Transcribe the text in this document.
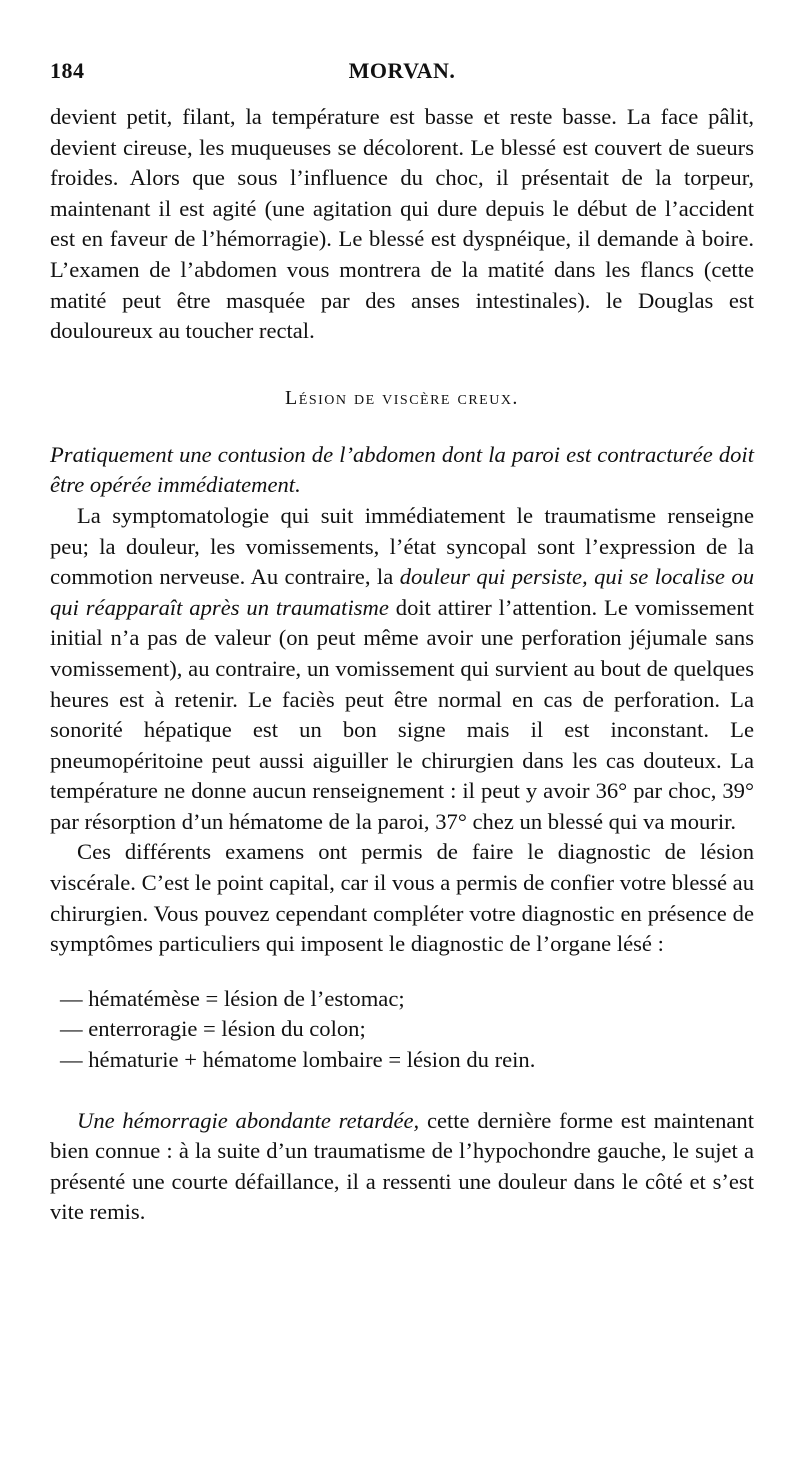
184	MORVAN.

devient petit, filant, la température est basse et reste basse. La face pâlit, devient cireuse, les muqueuses se décolorent. Le blessé est couvert de sueurs froides. Alors que sous l’influence du choc, il présentait de la torpeur, maintenant il est agité (une agitation qui dure depuis le début de l’accident est en faveur de l’hémorragie). Le blessé est dyspnéique, il demande à boire. L’examen de l’abdomen vous montrera de la matité dans les flancs (cette matité peut être masquée par des anses intestinales). le Douglas est douloureux au toucher rectal.

Lésion de viscère creux.

Pratiquement une contusion de l’abdomen dont la paroi est contracturée doit être opérée immédiatement.

La symptomatologie qui suit immédiatement le traumatisme renseigne peu; la douleur, les vomissements, l’état syncopal sont l’expression de la commotion nerveuse. Au contraire, la douleur qui persiste, qui se localise ou qui réapparaît après un traumatisme doit attirer l’attention. Le vomissement initial n’a pas de valeur (on peut même avoir une perforation jéjumale sans vomissement), au contraire, un vomissement qui survient au bout de quelques heures est à retenir. Le faciès peut être normal en cas de perforation. La sonorité hépatique est un bon signe mais il est inconstant. Le pneumopéritoine peut aussi aiguiller le chirurgien dans les cas douteux. La température ne donne aucun renseignement : il peut y avoir 36° par choc, 39° par résorption d’un hématome de la paroi, 37° chez un blessé qui va mourir.

Ces différents examens ont permis de faire le diagnostic de lésion viscérale. C’est le point capital, car il vous a permis de confier votre blessé au chirurgien. Vous pouvez cependant compléter votre diagnostic en présence de symptômes particuliers qui imposent le diagnostic de l’organe lésé :

— hématémèse = lésion de l’estomac;
— enterroragie = lésion du colon;
— hématurie + hématome lombaire = lésion du rein.

Une hémorragie abondante retardée, cette dernière forme est maintenant bien connue : à la suite d’un traumatisme de l’hypochondre gauche, le sujet a présenté une courte défaillance, il a ressenti une douleur dans le côté et s’est vite remis.
